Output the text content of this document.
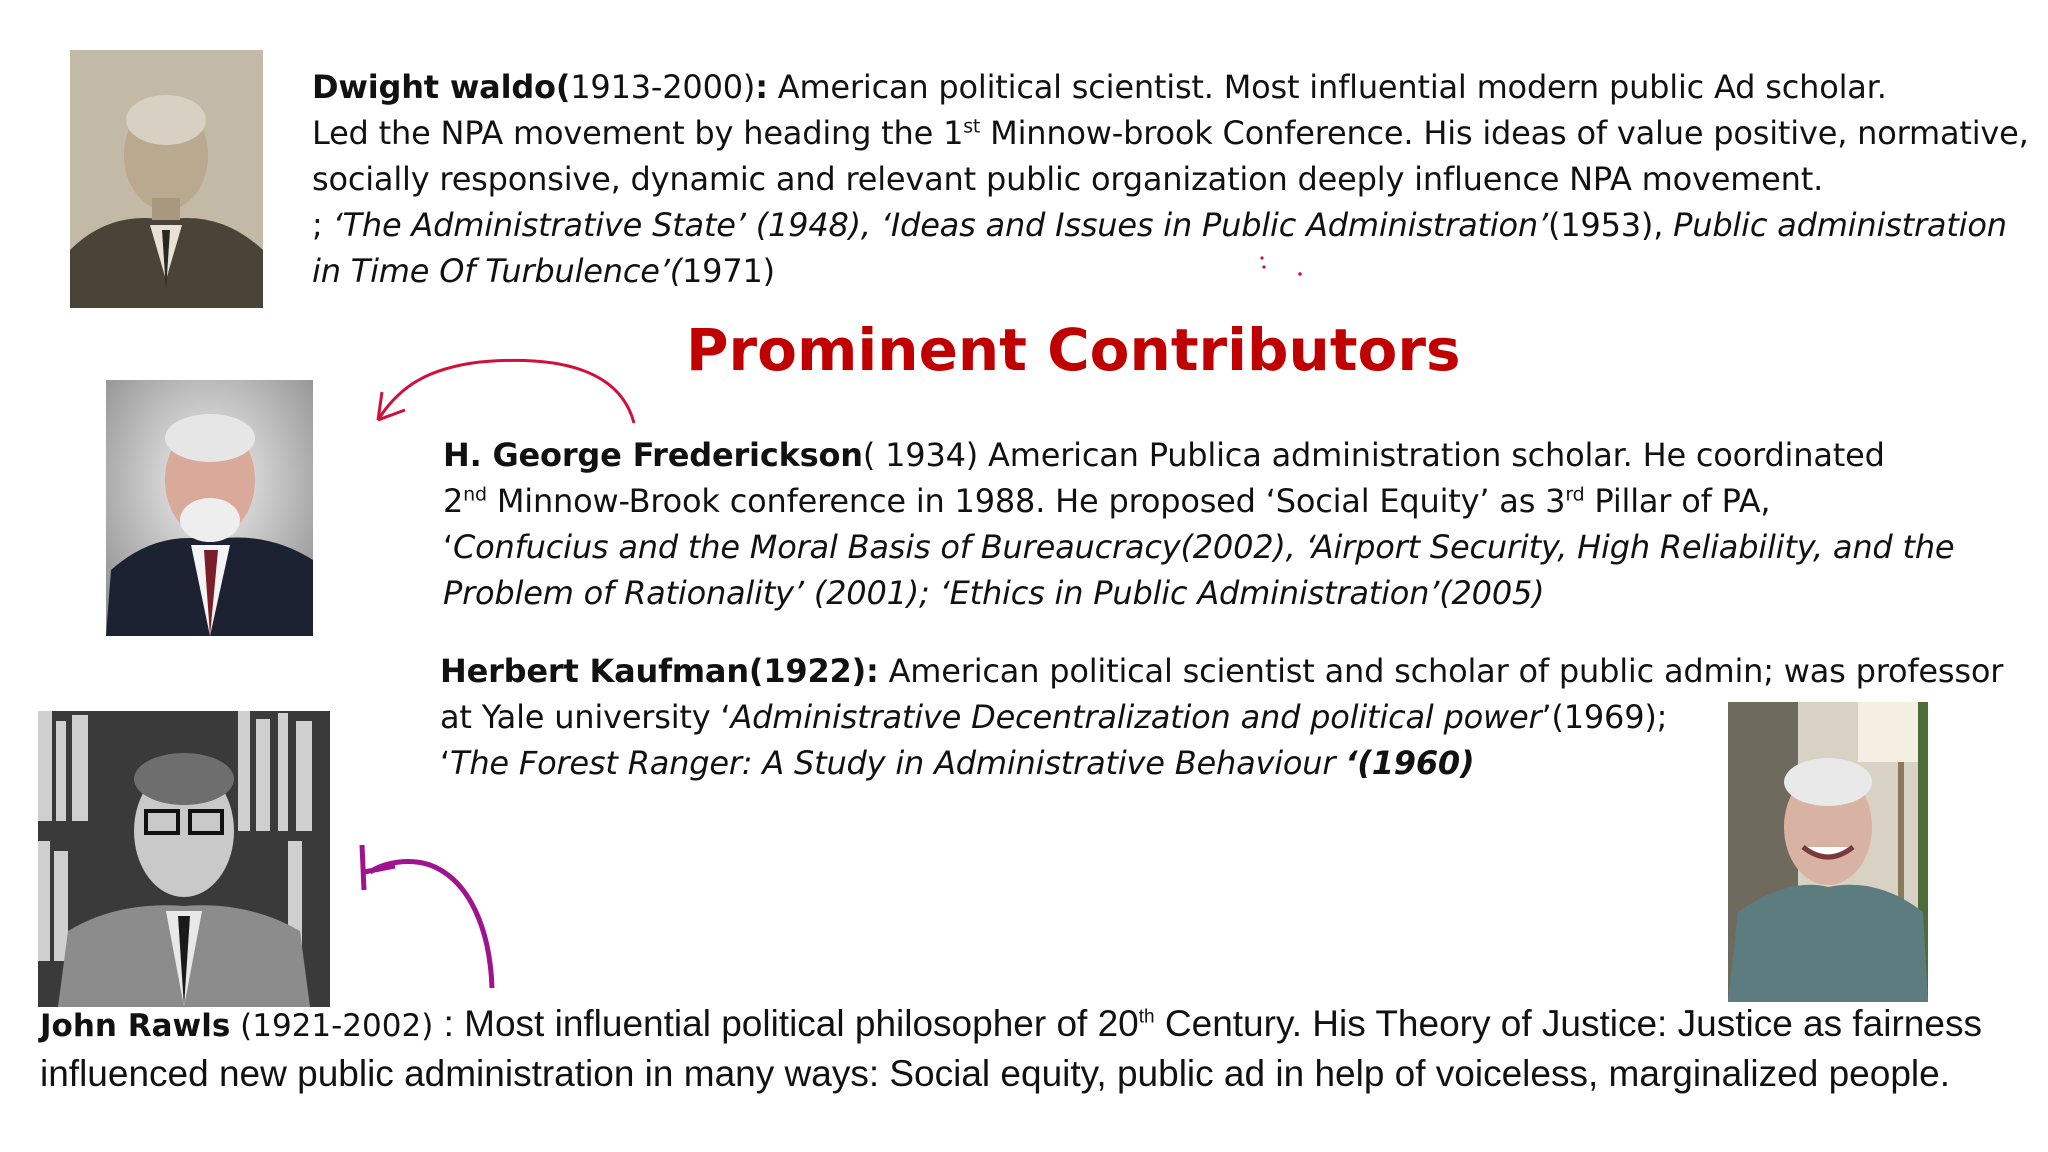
Dwight waldo(1913-2000): American political scientist. Most influential modern public Ad scholar.
Led the NPA movement by heading the 1st Minnow-brook Conference. His ideas of value positive, normative,
socially responsive, dynamic and relevant public organization deeply influence NPA movement.
; ‘The Administrative State’ (1948), ‘Ideas and Issues in Public Administration’(1953), Public administration
in Time Of Turbulence’(1971)
Prominent Contributors
H. George Frederickson( 1934) American Publica administration scholar. He coordinated
2nd Minnow-Brook conference in 1988. He proposed ‘Social Equity’ as 3rd Pillar of PA,
‘Confucius and the Moral Basis of Bureaucracy(2002), ‘Airport Security, High Reliability, and the
Problem of Rationality’ (2001); ‘Ethics in Public Administration’(2005)
Herbert Kaufman(1922): American political scientist and scholar of public admin; was professor
at Yale university ‘Administrative Decentralization and political power’(1969);
‘The Forest Ranger: A Study in Administrative Behaviour ‘(1960)
John Rawls (1921-2002) : Most influential political philosopher of 20th Century. His Theory of Justice: Justice as fairness
influenced new public administration in many ways: Social equity, public ad in help of voiceless, marginalized people.
